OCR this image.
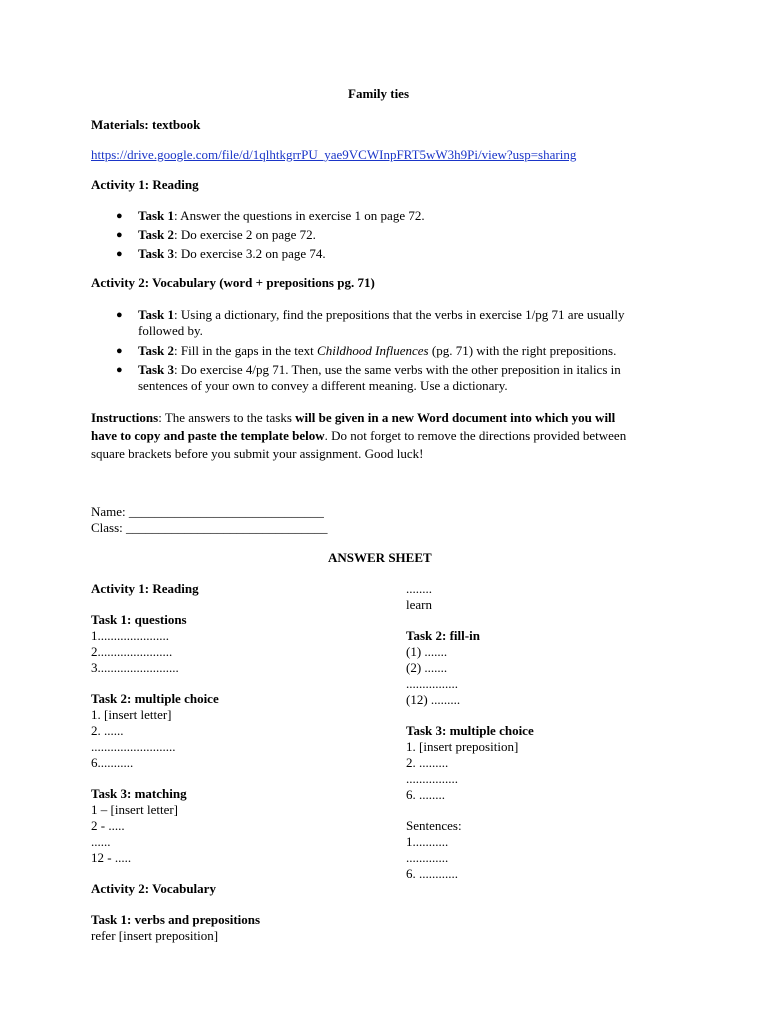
Family ties
Materials: textbook
https://drive.google.com/file/d/1qlhtkgrrPU_yae9VCWInpFRT5wW3h9Pi/view?usp=sharing
Activity 1: Reading
● Task 1: Answer the questions in exercise 1 on page 72.
● Task 2: Do exercise 2 on page 72.
● Task 3: Do exercise 3.2 on page 74.
Activity 2: Vocabulary (word + prepositions pg. 71)
● Task 1: Using a dictionary, find the prepositions that the verbs in exercise 1/pg 71 are usually
followed by.
● Task 2: Fill in the gaps in the text Childhood Influences (pg. 71) with the right prepositions.
● Task 3: Do exercise 4/pg 71. Then, use the same verbs with the other preposition in italics in
sentences of your own to convey a different meaning. Use a dictionary.
Instructions: The answers to the tasks will be given in a new Word document into which you will
have to copy and paste the template below. Do not forget to remove the directions provided between
square brackets before you submit your assignment. Good luck!
Name: ______________________________
Class: _______________________________
ANSWER SHEET
Activity 1: Reading
Task 1: questions
1......................
2.......................
3.........................
Task 2: multiple choice
1. [insert letter]
2. ......
..........................
6...........
Task 3: matching
1 – [insert letter]
2 - .....
......
12 - .....
Activity 2: Vocabulary
Task 1: verbs and prepositions
refer [insert preposition]
........
learn
Task 2: fill-in
(1) .......
(2) .......
................
(12) .........
Task 3: multiple choice
1. [insert preposition]
2. .........
................
6. ........
Sentences:
1...........
.............
6. ............
